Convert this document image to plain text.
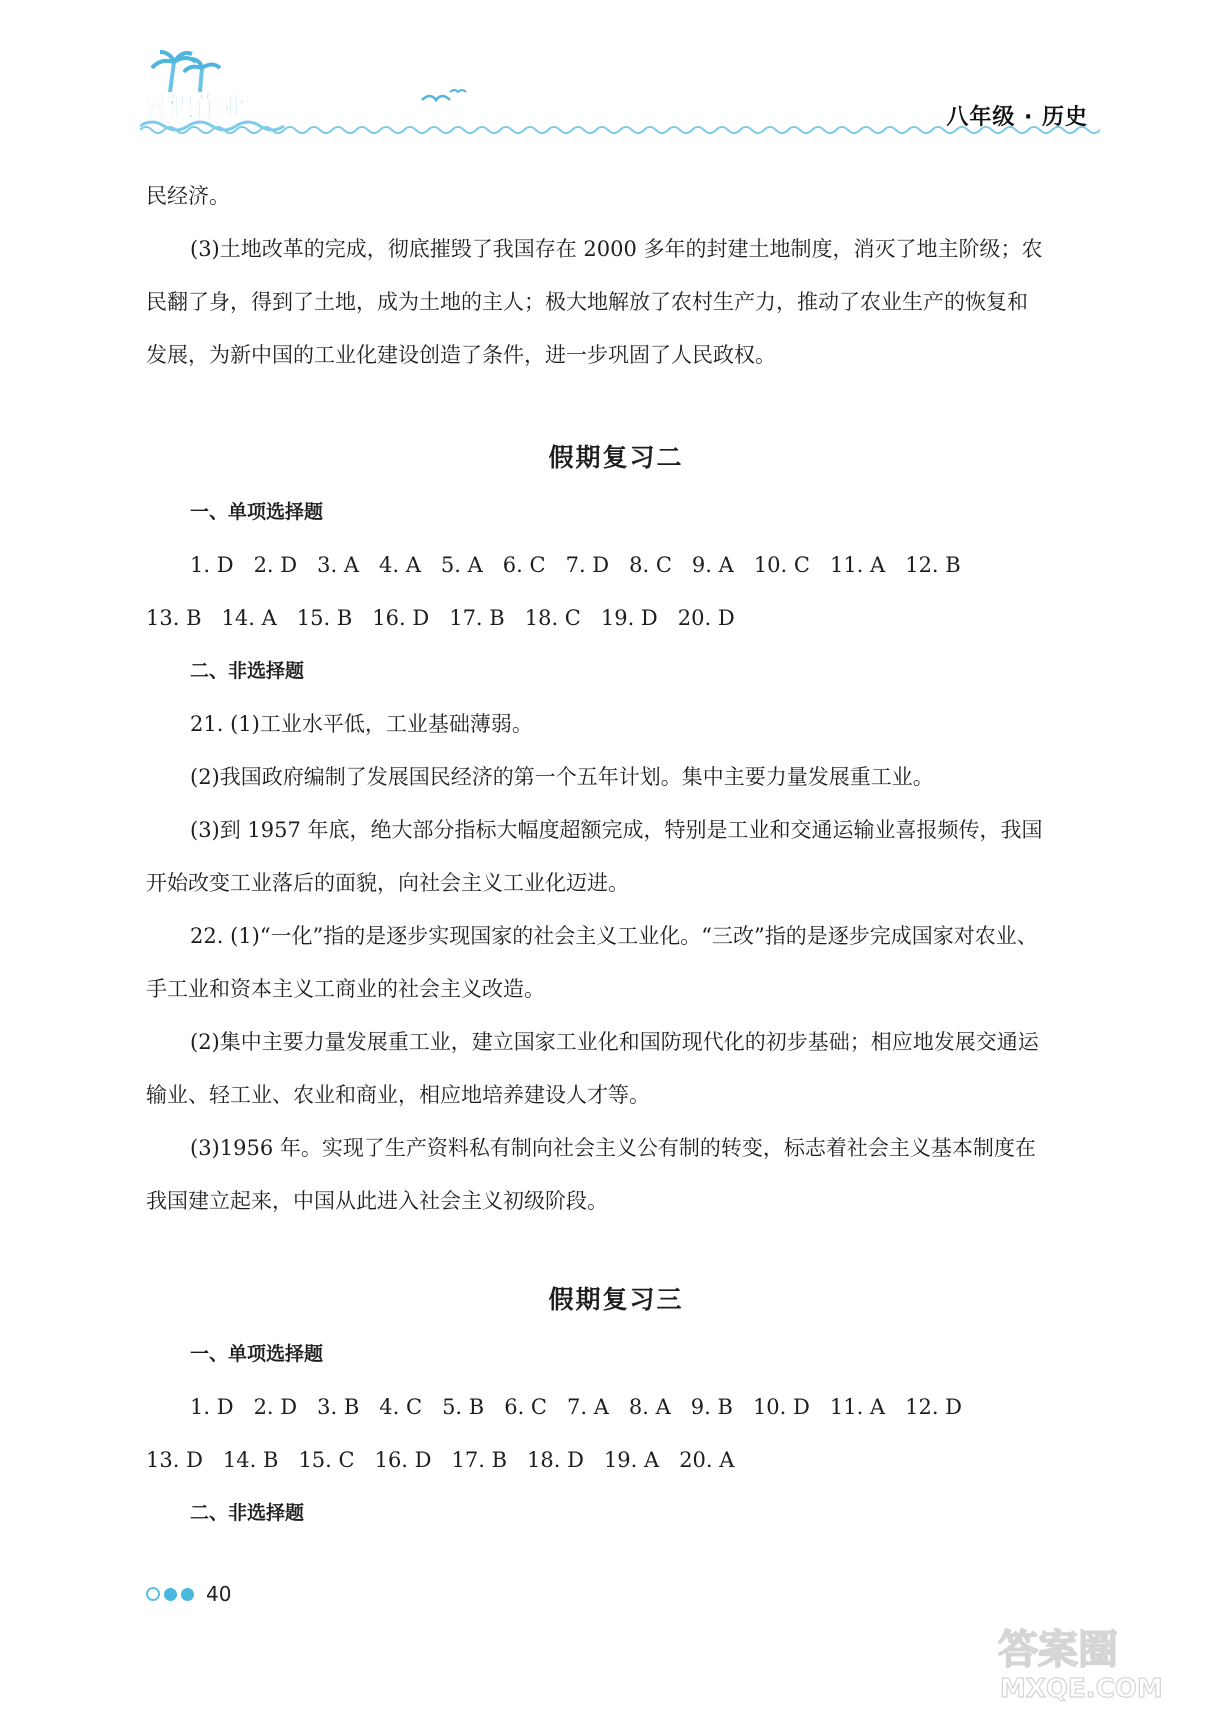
暑假作业	八年级 · 历史
民经济。
(3)土地改革的完成，彻底摧毁了我国存在 2000 多年的封建土地制度，消灭了地主阶级；农
民翻了身，得到了土地，成为土地的主人；极大地解放了农村生产力，推动了农业生产的恢复和
发展，为新中国的工业化建设创造了条件，进一步巩固了人民政权。
假期复习二
一、单项选择题
1. D 2. D 3. A 4. A 5. A 6. C 7. D 8. C 9. A 10. C 11. A 12. B
13. B 14. A 15. B 16. D 17. B 18. C 19. D 20. D
二、非选择题
21. (1)工业水平低，工业基础薄弱。
(2)我国政府编制了发展国民经济的第一个五年计划。集中主要力量发展重工业。
(3)到 1957 年底，绝大部分指标大幅度超额完成，特别是工业和交通运输业喜报频传，我国
开始改变工业落后的面貌，向社会主义工业化迈进。
22. (1)“一化”指的是逐步实现国家的社会主义工业化。“三改”指的是逐步完成国家对农业、
手工业和资本主义工商业的社会主义改造。
(2)集中主要力量发展重工业，建立国家工业化和国防现代化的初步基础；相应地发展交通运
输业、轻工业、农业和商业，相应地培养建设人才等。
(3)1956 年。实现了生产资料私有制向社会主义公有制的转变，标志着社会主义基本制度在
我国建立起来，中国从此进入社会主义初级阶段。
假期复习三
一、单项选择题
1. D 2. D 3. B 4. C 5. B 6. C 7. A 8. A 9. B 10. D 11. A 12. D
13. D 14. B 15. C 16. D 17. B 18. D 19. A 20. A
二、非选择题
40
答案圈
MXQE.COM
